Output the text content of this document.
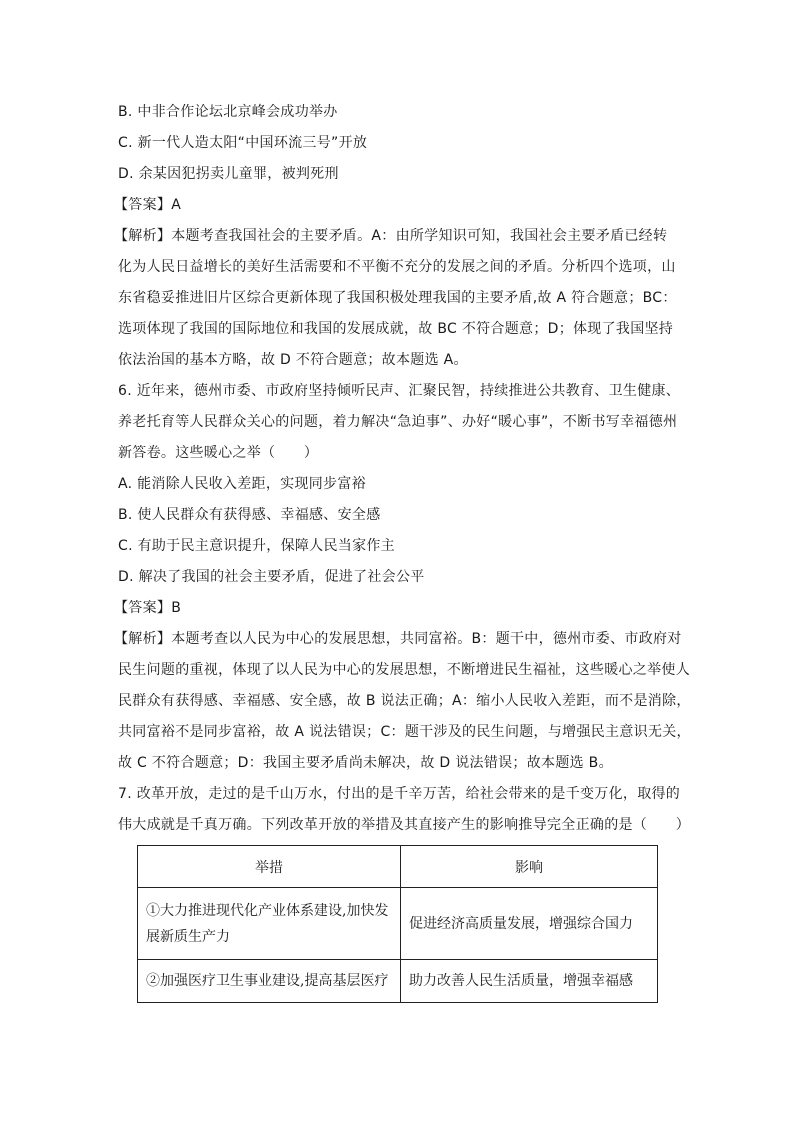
B. 中非合作论坛北京峰会成功举办
C. 新一代人造太阳“中国环流三号”开放
D. 余某因犯拐卖儿童罪，被判死刑
【答案】A
【解析】本题考查我国社会的主要矛盾。A：由所学知识可知，我国社会主要矛盾已经转
化为人民日益增长的美好生活需要和不平衡不充分的发展之间的矛盾。分析四个选项，山
东省稳妥推进旧片区综合更新体现了我国积极处理我国的主要矛盾,故 A 符合题意；BC：
选项体现了我国的国际地位和我国的发展成就，故 BC 不符合题意；D；体现了我国坚持
依法治国的基本方略，故 D 不符合题意；故本题选 A。
6. 近年来，德州市委、市政府坚持倾听民声、汇聚民智，持续推进公共教育、卫生健康、
养老托育等人民群众关心的问题，着力解决“急迫事”、办好“暖心事”，不断书写幸福德州
新答卷。这些暖心之举（　　）
A. 能消除人民收入差距，实现同步富裕
B. 使人民群众有获得感、幸福感、安全感
C. 有助于民主意识提升，保障人民当家作主
D. 解决了我国的社会主要矛盾，促进了社会公平
【答案】B
【解析】本题考查以人民为中心的发展思想，共同富裕。B：题干中，德州市委、市政府对
民生问题的重视，体现了以人民为中心的发展思想，不断增进民生福祉，这些暖心之举使人
民群众有获得感、幸福感、安全感，故 B 说法正确；A：缩小人民收入差距，而不是消除，
共同富裕不是同步富裕，故 A 说法错误；C：题干涉及的民生问题，与增强民主意识无关，
故 C 不符合题意；D：我国主要矛盾尚未解决，故 D 说法错误；故本题选 B。
7. 改革开放，走过的是千山万水，付出的是千辛万苦，给社会带来的是千变万化，取得的
伟大成就是千真万确。下列改革开放的举措及其直接产生的影响推导完全正确的是（　　）
举措	影响
①大力推进现代化产业体系建设,加快发展新质生产力	促进经济高质量发展，增强综合国力
②加强医疗卫生事业建设,提高基层医疗	助力改善人民生活质量，增强幸福感
